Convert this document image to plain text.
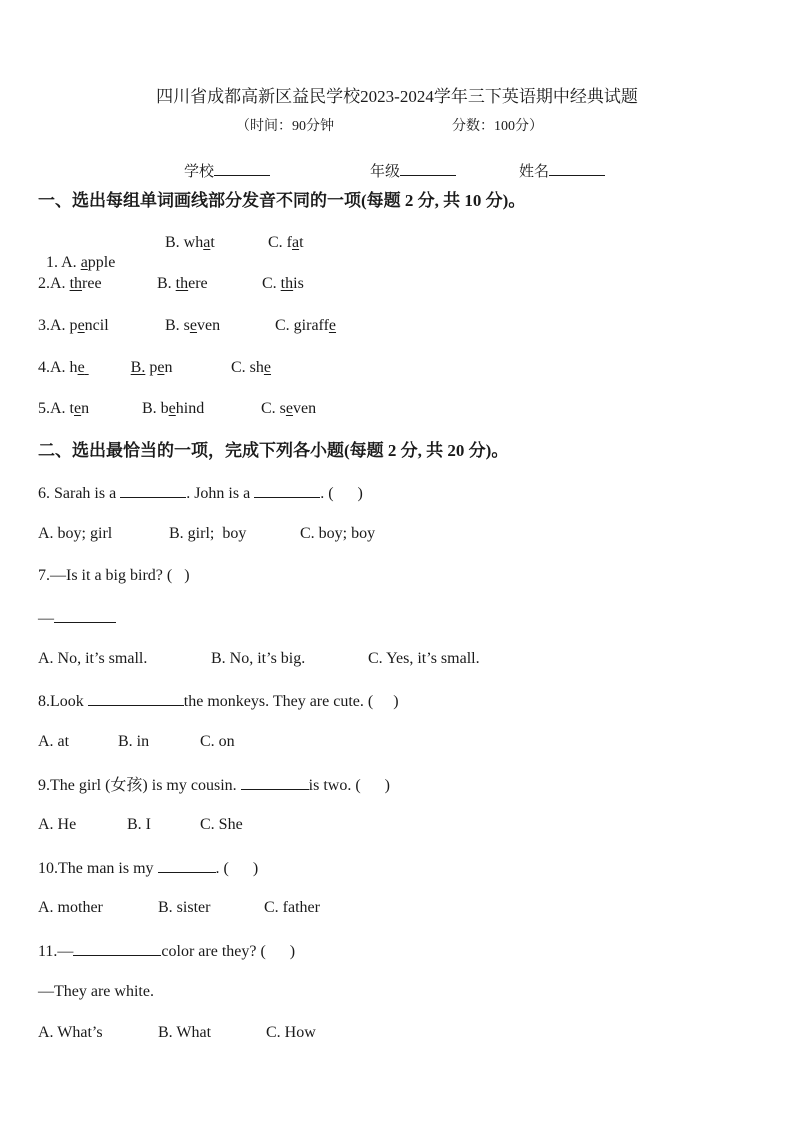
四川省成都高新区益民学校2023-2024学年三下英语期中经典试题
（时间：90分钟	分数：100分）
学校	年级	姓名
一、选出每组单词画线部分发音不同的一项(每题 2 分, 共 10 分)。

1. A. apple

B. what	C. fat
2.A. three	B. there	C. this
3.A. pencil	B. seven	C. giraffe
4.A. he	B. pen	C. she
5.A. ten	B. behind	C. seven
二、选出最恰当的一项，完成下列各小题(每题 2 分, 共 20 分)。
6. Sarah is a	. John is a	. (      )
A. boy; girl	B. girl;  boy	C. boy; boy
7.—Is it a big bird? (   )
—
A. No, it’s small.	B. No, it’s big.	C. Yes, it’s small.
8.Look	the monkeys. They are cute. (     )
A. at	B. in	C. on
9.The girl (女孩) is my cousin.	is two. (      )
A. He	B. I	C. She
10.The man is my	. (      )
A. mother	B. sister	C. father
11.—	color are they? (      )
—They are white.
A. What’s	B. What	C. How
